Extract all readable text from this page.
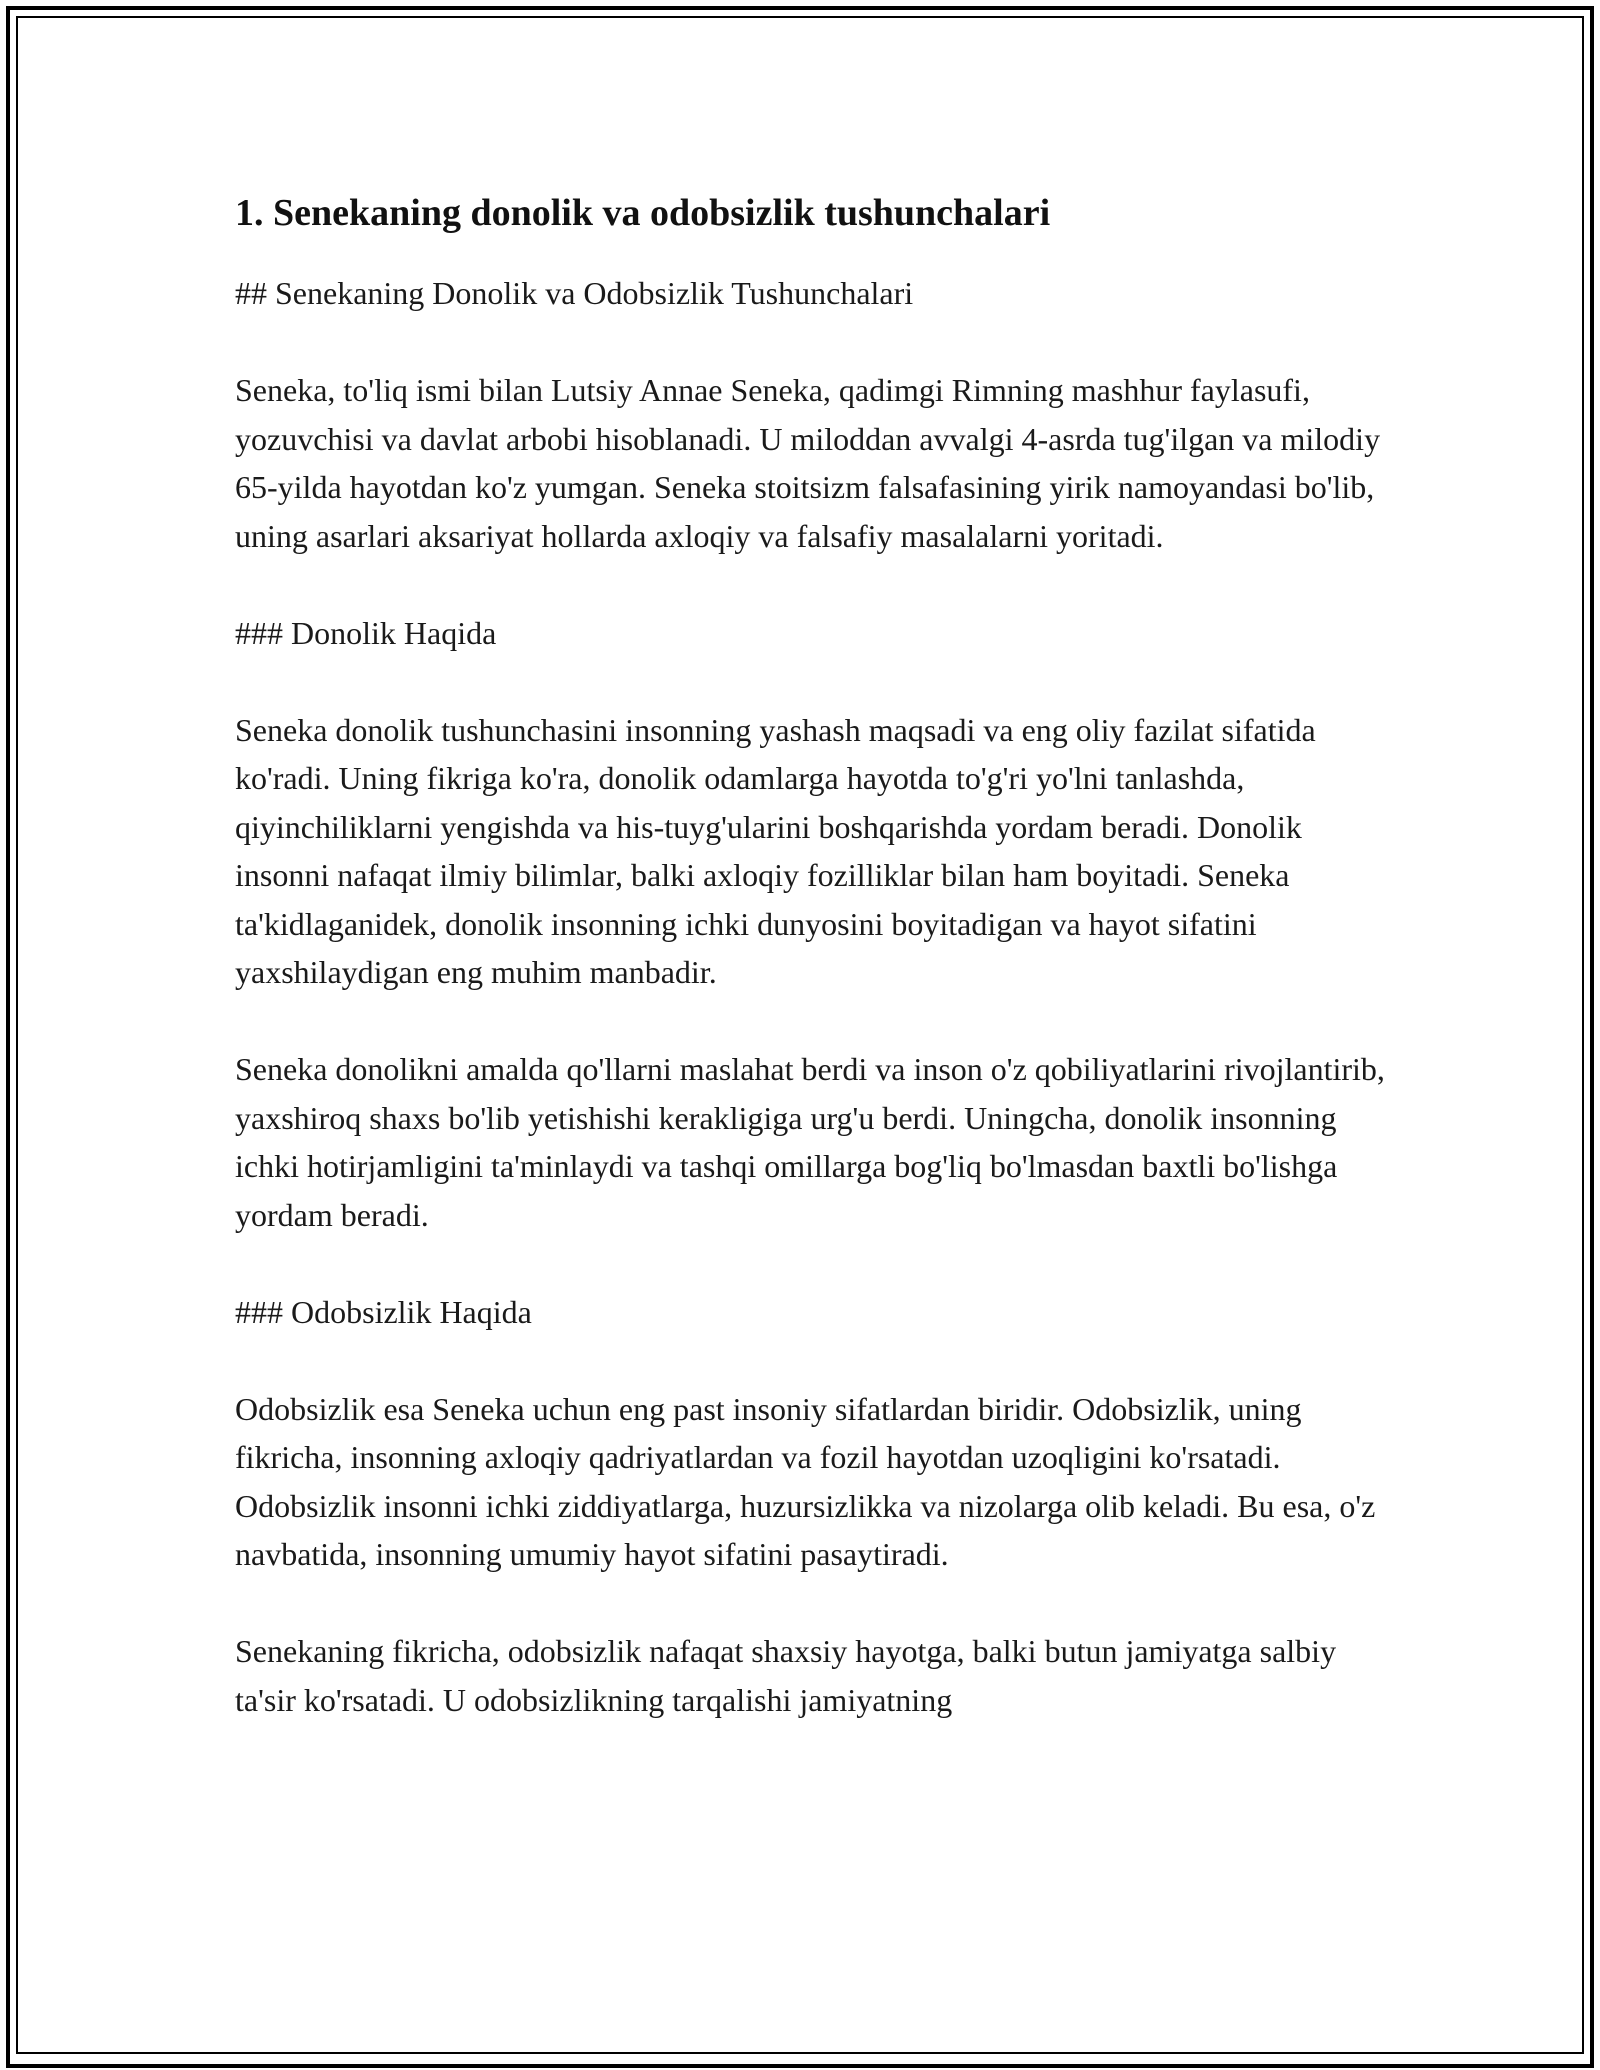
1. Senekaning donolik va odobsizlik tushunchalari

## Senekaning Donolik va Odobsizlik Tushunchalari

Seneka, to'liq ismi bilan Lutsiy Annae Seneka, qadimgi Rimning mashhur faylasufi, yozuvchisi va davlat arbobi hisoblanadi. U miloddan avvalgi 4-asrda tug'ilgan va milodiy 65-yilda hayotdan ko'z yumgan. Seneka stoitsizm falsafasining yirik namoyandasi bo'lib, uning asarlari aksariyat hollarda axloqiy va falsafiy masalalarni yoritadi.

### Donolik Haqida

Seneka donolik tushunchasini insonning yashash maqsadi va eng oliy fazilat sifatida ko'radi. Uning fikriga ko'ra, donolik odamlarga hayotda to'g'ri yo'lni tanlashda, qiyinchiliklarni yengishda va his-tuyg'ularini boshqarishda yordam beradi. Donolik insonni nafaqat ilmiy bilimlar, balki axloqiy fozilliklar bilan ham boyitadi. Seneka ta'kidlaganidek, donolik insonning ichki dunyosini boyitadigan va hayot sifatini yaxshilaydigan eng muhim manbadir.

Seneka donolikni amalda qo'llarni maslahat berdi va inson o'z qobiliyatlarini rivojlantirib, yaxshiroq shaxs bo'lib yetishishi kerakligiga urg'u berdi. Uningcha, donolik insonning ichki hotirjamligini ta'minlaydi va tashqi omillarga bog'liq bo'lmasdan baxtli bo'lishga yordam beradi.

### Odobsizlik Haqida

Odobsizlik esa Seneka uchun eng past insoniy sifatlardan biridir. Odobsizlik, uning fikricha, insonning axloqiy qadriyatlardan va fozil hayotdan uzoqligini ko'rsatadi. Odobsizlik insonni ichki ziddiyatlarga, huzursizlikka va nizolarga olib keladi. Bu esa, o'z navbatida, insonning umumiy hayot sifatini pasaytiradi.

Senekaning fikricha, odobsizlik nafaqat shaxsiy hayotga, balki butun jamiyatga salbiy ta'sir ko'rsatadi. U odobsizlikning tarqalishi jamiyatning
